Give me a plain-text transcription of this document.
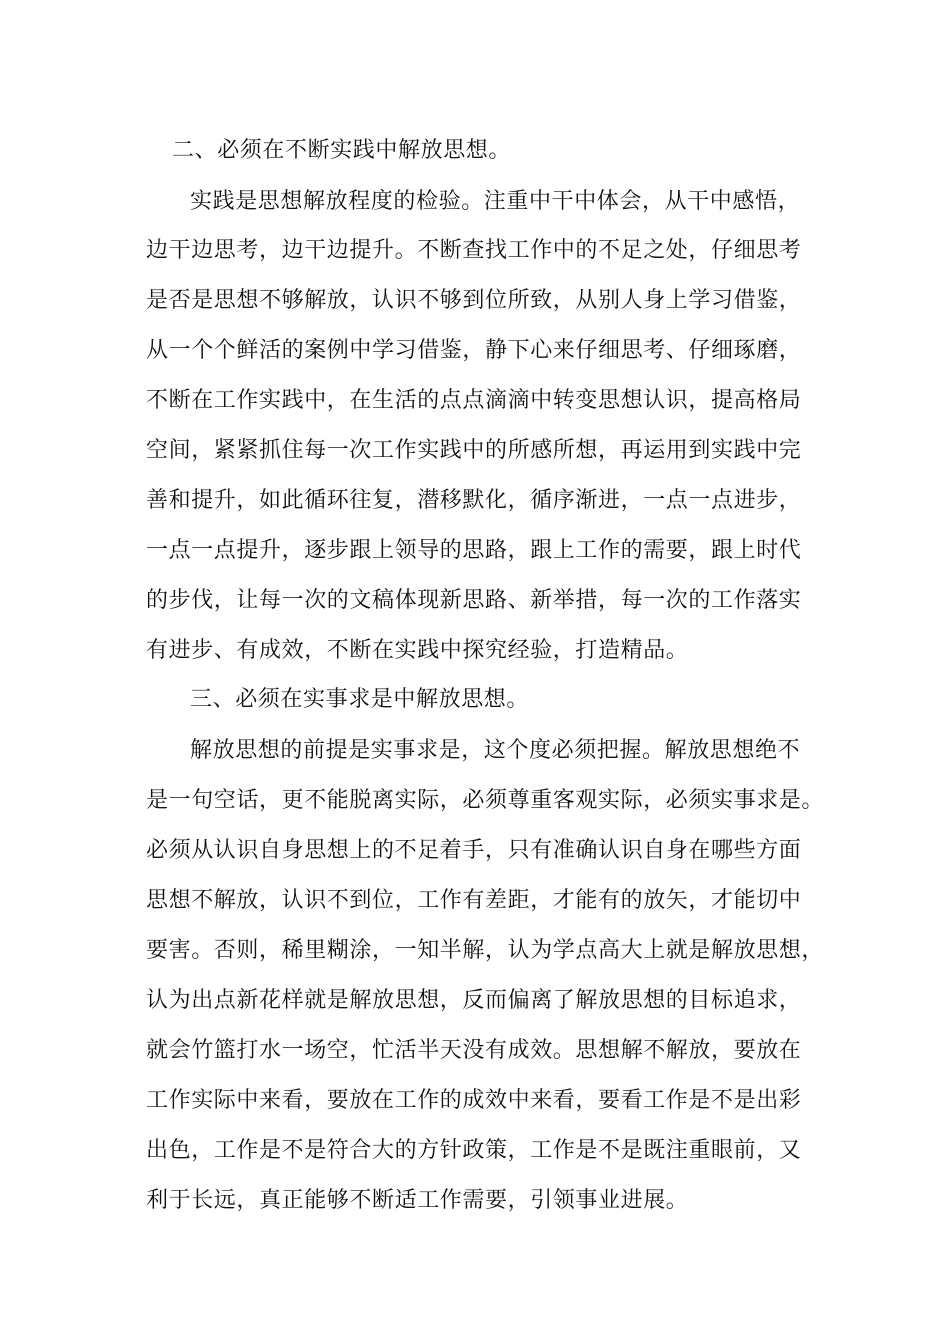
二、必须在不断实践中解放思想。
实践是思想解放程度的检验。注重中干中体会，从干中感悟，
边干边思考，边干边提升。不断查找工作中的不足之处，仔细思考
是否是思想不够解放，认识不够到位所致，从别人身上学习借鉴，
从一个个鲜活的案例中学习借鉴，静下心来仔细思考、仔细琢磨，
不断在工作实践中，在生活的点点滴滴中转变思想认识，提高格局
空间，紧紧抓住每一次工作实践中的所感所想，再运用到实践中完
善和提升，如此循环往复，潜移默化，循序渐进，一点一点进步，
一点一点提升，逐步跟上领导的思路，跟上工作的需要，跟上时代
的步伐，让每一次的文稿体现新思路、新举措，每一次的工作落实
有进步、有成效，不断在实践中探究经验，打造精品。
三、必须在实事求是中解放思想。
解放思想的前提是实事求是，这个度必须把握。解放思想绝不
是一句空话，更不能脱离实际，必须尊重客观实际，必须实事求是。
必须从认识自身思想上的不足着手，只有准确认识自身在哪些方面
思想不解放，认识不到位，工作有差距，才能有的放矢，才能切中
要害。否则，稀里糊涂，一知半解，认为学点高大上就是解放思想，
认为出点新花样就是解放思想，反而偏离了解放思想的目标追求，
就会竹篮打水一场空，忙活半天没有成效。思想解不解放，要放在
工作实际中来看，要放在工作的成效中来看，要看工作是不是出彩
出色，工作是不是符合大的方针政策，工作是不是既注重眼前，又
利于长远，真正能够不断适工作需要，引领事业进展。
